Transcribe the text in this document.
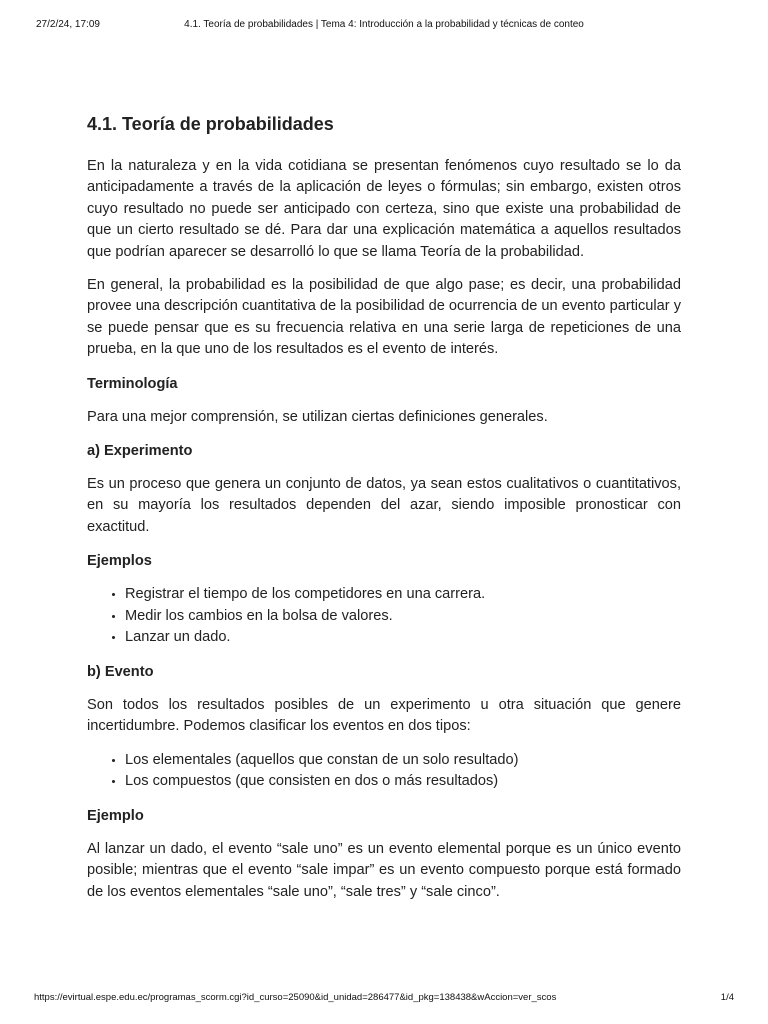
27/2/24, 17:09	4.1. Teoría de probabilidades | Tema 4: Introducción a la probabilidad y técnicas de conteo
4.1. Teoría de probabilidades

En la naturaleza y en la vida cotidiana se presentan fenómenos cuyo resultado se lo da anticipadamente a través de la aplicación de leyes o fórmulas; sin embargo, existen otros cuyo resultado no puede ser anticipado con certeza, sino que existe una probabilidad de que un cierto resultado se dé. Para dar una explicación matemática a aquellos resultados que podrían aparecer se desarrolló lo que se llama Teoría de la probabilidad.

En general, la probabilidad es la posibilidad de que algo pase; es decir, una probabilidad provee una descripción cuantitativa de la posibilidad de ocurrencia de un evento particular y se puede pensar que es su frecuencia relativa en una serie larga de repeticiones de una prueba, en la que uno de los resultados es el evento de interés.

Terminología

Para una mejor comprensión, se utilizan ciertas definiciones generales.

a) Experimento

Es un proceso que genera un conjunto de datos, ya sean estos cualitativos o cuantitativos, en su mayoría los resultados dependen del azar, siendo imposible pronosticar con exactitud.

Ejemplos
• Registrar el tiempo de los competidores en una carrera.
• Medir los cambios en la bolsa de valores.
• Lanzar un dado.
b) Evento

Son todos los resultados posibles de un experimento u otra situación que genere incertidumbre. Podemos clasificar los eventos en dos tipos:

• Los elementales (aquellos que constan de un solo resultado)
• Los compuestos (que consisten en dos o más resultados)
Ejemplo

Al lanzar un dado, el evento “sale uno” es un evento elemental porque es un único evento posible; mientras que el evento “sale impar” es un evento compuesto porque está formado de los eventos elementales “sale uno”, “sale tres” y “sale cinco”.

https://evirtual.espe.edu.ec/programas_scorm.cgi?id_curso=25090&id_unidad=286477&id_pkg=138438&wAccion=ver_scos	1/4
